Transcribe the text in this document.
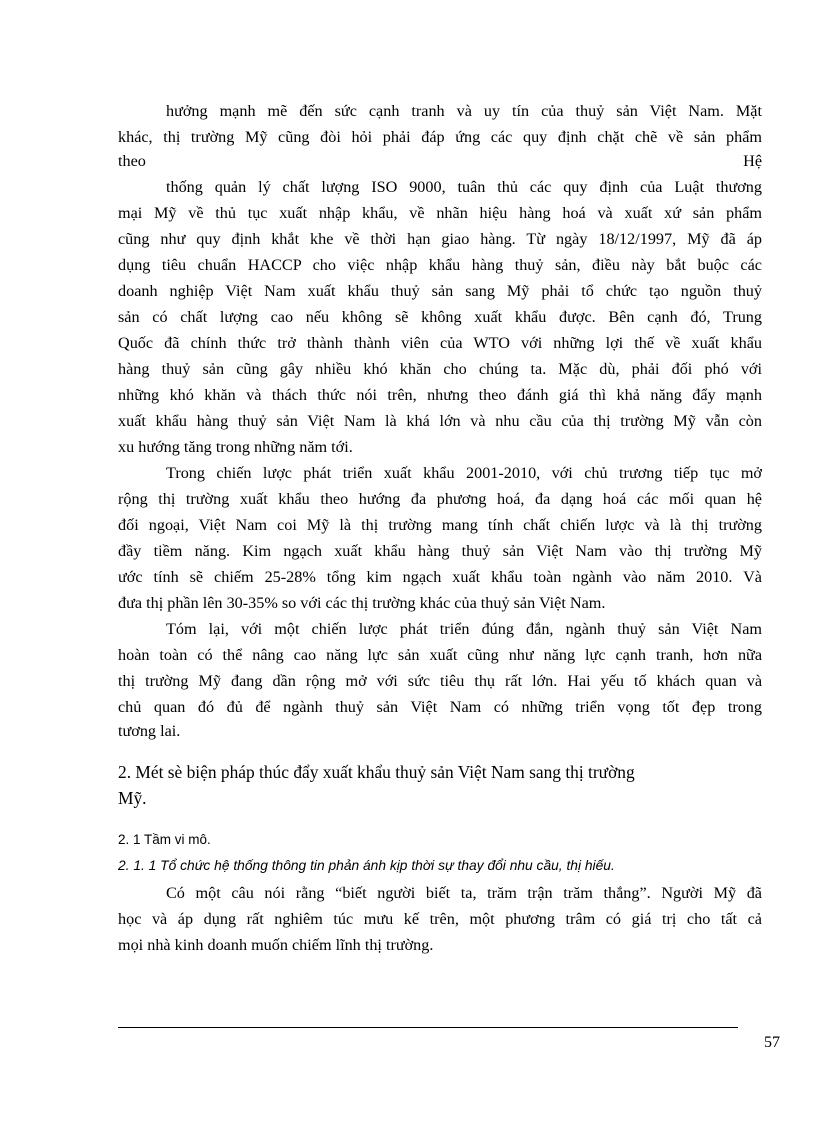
hưởng mạnh mẽ đến sức cạnh tranh và uy tín của thuỷ sản Việt Nam. Mặt
khác, thị trường Mỹ cũng đòi hỏi phải đáp ứng các quy định chặt chẽ về sản phẩm
theo	Hệ
thống quản lý chất lượng ISO 9000, tuân thủ các quy định của Luật thương
mại Mỹ về thủ tục xuất nhập khẩu, về nhãn hiệu hàng hoá và xuất xứ sản phẩm
cũng như quy định khắt khe về thời hạn giao hàng. Từ ngày 18/12/1997, Mỹ đã áp
dụng tiêu chuẩn HACCP cho việc nhập khẩu hàng thuỷ sản, điều này bắt buộc các
doanh nghiệp Việt Nam xuất khẩu thuỷ sản sang Mỹ phải tổ chức tạo nguồn thuỷ
sản có chất lượng cao nếu không sẽ không xuất khẩu được. Bên cạnh đó, Trung
Quốc đã chính thức trở thành thành viên của WTO với những lợi thế về xuất khẩu
hàng thuỷ sản cũng gây nhiều khó khăn cho chúng ta. Mặc dù, phải đối phó với
những khó khăn và thách thức nói trên, nhưng theo đánh giá thì khả năng đẩy mạnh
xuất khẩu hàng thuỷ sản Việt Nam là khá lớn và nhu cầu của thị trường Mỹ vẫn còn
xu hướng tăng trong những năm tới.
Trong chiến lược phát triển xuất khẩu 2001-2010, với chủ trương tiếp tục mở
rộng thị trường xuất khẩu theo hướng đa phương hoá, đa dạng hoá các mối quan hệ
đối ngoại, Việt Nam coi Mỹ là thị trường mang tính chất chiến lược và là thị trường
đầy tiềm năng. Kim ngạch xuất khẩu hàng thuỷ sản Việt Nam vào thị trường Mỹ
ước tính sẽ chiếm 25-28% tổng kim ngạch xuất khẩu toàn ngành vào năm 2010. Và
đưa thị phần lên 30-35% so với các thị trường khác của thuỷ sản Việt Nam.
Tóm lại, với một chiến lược phát triển đúng đắn, ngành thuỷ sản Việt Nam
hoàn toàn có thể nâng cao năng lực sản xuất cũng như năng lực cạnh tranh, hơn nữa
thị trường Mỹ đang dần rộng mở với sức tiêu thụ rất lớn. Hai yếu tố khách quan và
chủ quan đó đủ để ngành thuỷ sản Việt Nam có những triển vọng tốt đẹp trong
tương lai.
2. Mét sè biện pháp thúc đẩy xuất khẩu thuỷ sản Việt Nam sang thị trường
Mỹ.
2. 1 Tầm vi mô.
2. 1. 1 Tổ chức hệ thống thông tin phản ánh kịp thời sự thay đổi nhu cầu, thị hiếu.
Có một câu nói rằng “biết người biết ta, trăm trận trăm thắng”. Người Mỹ đã
học và áp dụng rất nghiêm túc mưu kế trên, một phương trâm có giá trị cho tất cả
mọi nhà kinh doanh muốn chiếm lĩnh thị trường.
57
